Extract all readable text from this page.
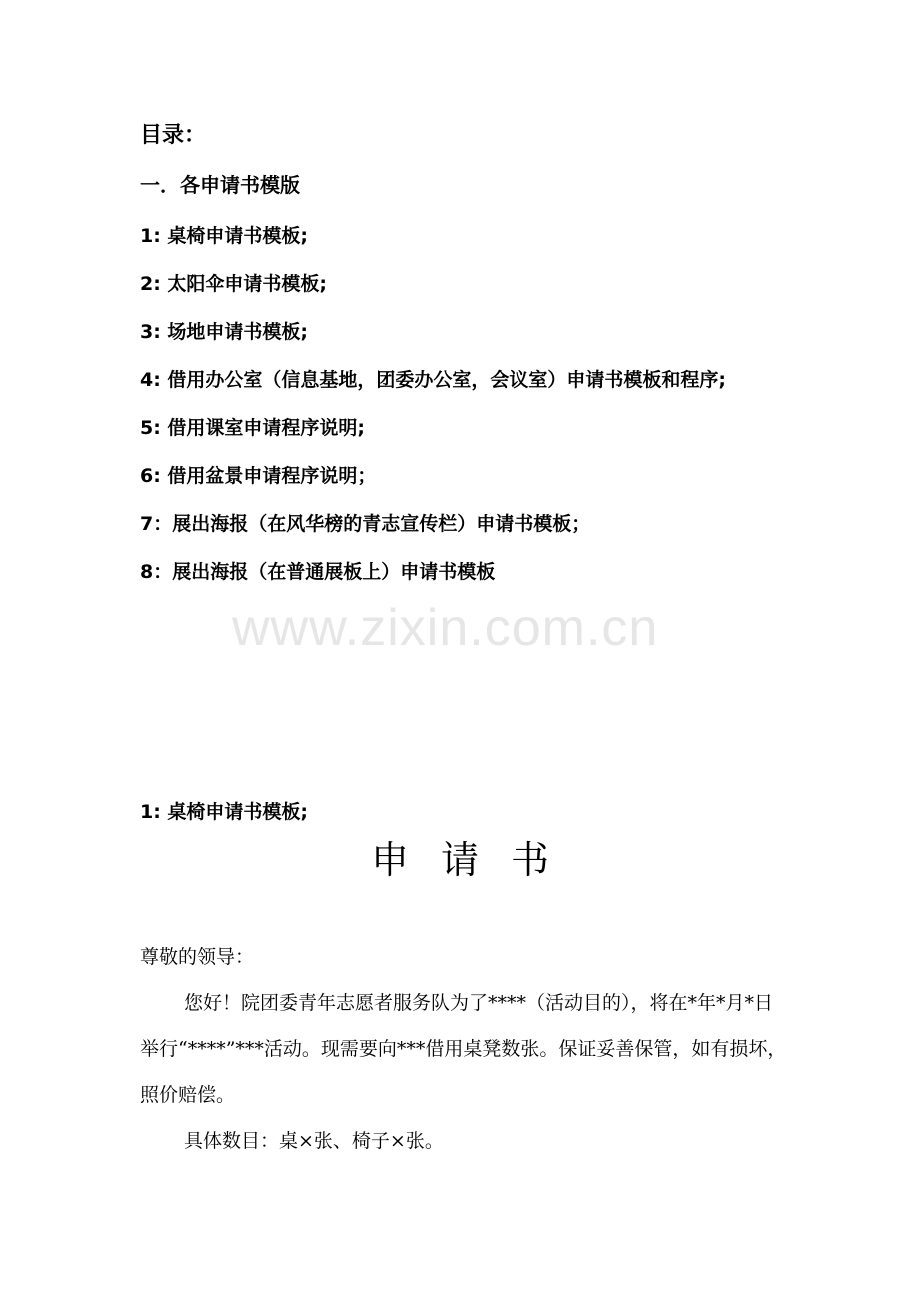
www.zixin.com.cn
目录：
一．各申请书模版
1: 桌椅申请书模板;
2: 太阳伞申请书模板;
3: 场地申请书模板;
4: 借用办公室（信息基地，团委办公室，会议室）申请书模板和程序;
5: 借用课室申请程序说明;
6: 借用盆景申请程序说明；
7：展出海报（在风华榜的青志宣传栏）申请书模板；
8：展出海报（在普通展板上）申请书模板
1: 桌椅申请书模板;
申请书

尊敬的领导：

您好！院团委青年志愿者服务队为了****（活动目的），将在*年*月*日举行“****”***活动。现需要向***借用桌凳数张。保证妥善保管，如有损坏，照价赔偿。

具体数目：桌×张、椅子×张。
